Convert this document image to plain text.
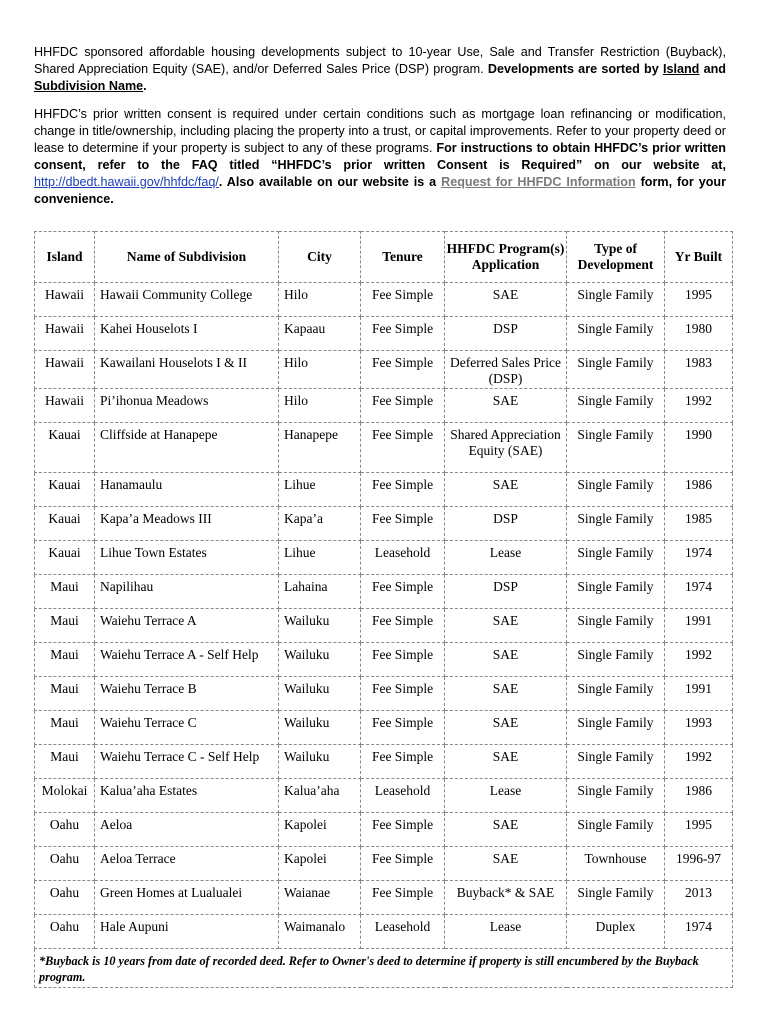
HHFDC sponsored affordable housing developments subject to 10-year Use, Sale and Transfer Restriction (Buyback), Shared Appreciation Equity (SAE), and/or Deferred Sales Price (DSP) program. Developments are sorted by Island and Subdivision Name.

HHFDC’s prior written consent is required under certain conditions such as mortgage loan refinancing or modification, change in title/ownership, including placing the property into a trust, or capital improvements. Refer to your property deed or lease to determine if your property is subject to any of these programs. For instructions to obtain HHFDC’s prior written consent, refer to the FAQ titled “HHFDC’s prior written Consent is Required” on our website at, http://dbedt.hawaii.gov/hhfdc/faq/. Also available on our website is a Request for HHFDC Information form, for your convenience.

Island	Name of Subdivision	City	Tenure	HHFDC Program(s) Application	Type of Development	Yr Built
Hawaii	Hawaii Community College	Hilo	Fee Simple	SAE	Single Family	1995
Hawaii	Kahei Houselots I	Kapaau	Fee Simple	DSP	Single Family	1980
Hawaii	Kawailani Houselots I & II	Hilo	Fee Simple	Deferred Sales Price (DSP)	Single Family	1983
Hawaii	Pi’ihonua Meadows	Hilo	Fee Simple	SAE	Single Family	1992
Kauai	Cliffside at Hanapepe	Hanapepe	Fee Simple	Shared Appreciation Equity (SAE)	Single Family	1990
Kauai	Hanamaulu	Lihue	Fee Simple	SAE	Single Family	1986
Kauai	Kapa’a Meadows III	Kapa’a	Fee Simple	DSP	Single Family	1985
Kauai	Lihue Town Estates	Lihue	Leasehold	Lease	Single Family	1974
Maui	Napilihau	Lahaina	Fee Simple	DSP	Single Family	1974
Maui	Waiehu Terrace A	Wailuku	Fee Simple	SAE	Single Family	1991
Maui	Waiehu Terrace A - Self Help	Wailuku	Fee Simple	SAE	Single Family	1992
Maui	Waiehu Terrace B	Wailuku	Fee Simple	SAE	Single Family	1991
Maui	Waiehu Terrace C	Wailuku	Fee Simple	SAE	Single Family	1993
Maui	Waiehu Terrace C - Self Help	Wailuku	Fee Simple	SAE	Single Family	1992
Molokai	Kalua’aha Estates	Kalua’aha	Leasehold	Lease	Single Family	1986
Oahu	Aeloa	Kapolei	Fee Simple	SAE	Single Family	1995
Oahu	Aeloa Terrace	Kapolei	Fee Simple	SAE	Townhouse	1996-97
Oahu	Green Homes at Lualualei	Waianae	Fee Simple	Buyback* & SAE	Single Family	2013
Oahu	Hale Aupuni	Waimanalo	Leasehold	Lease	Duplex	1974
*Buyback is 10 years from date of recorded deed. Refer to Owner's deed to determine if property is still encumbered by the Buyback program.						
